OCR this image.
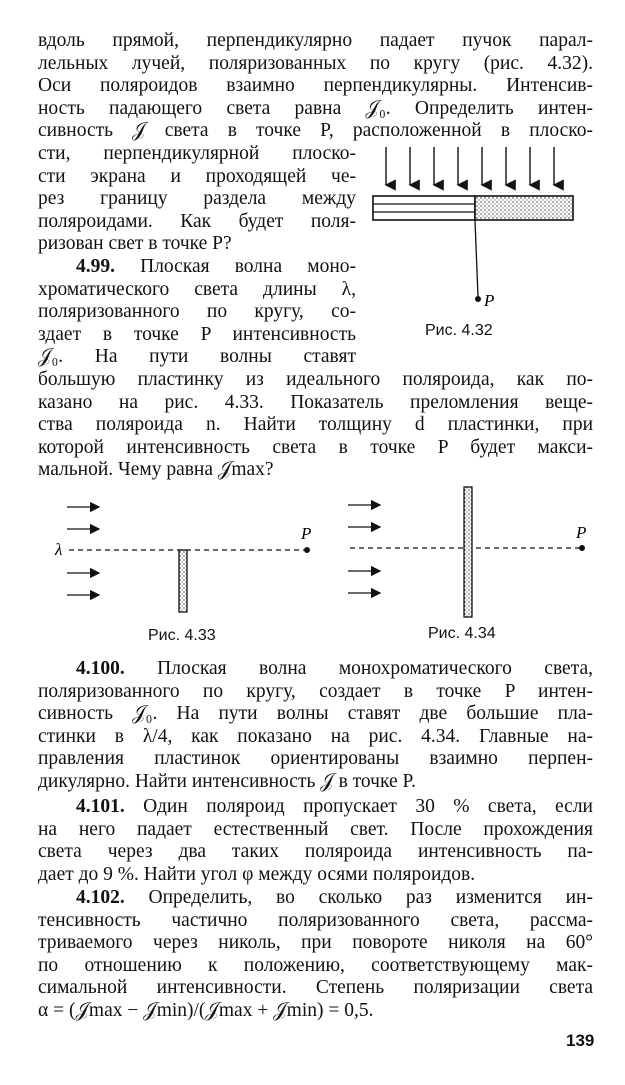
вдоль прямой, перпендикулярно падает пучок парал-
лельных лучей, поляризованных по кругу (рис. 4.32).
Оси поляроидов взаимно перпендикулярны. Интенсив-
ность падающего света равна 𝒥₀. Определить интен-
сивность 𝒥 света в точке P, расположенной в плоско-
сти, перпендикулярной плоско-
сти экрана и проходящей че-
рез границу раздела между
поляроидами. Как будет поля-
ризован свет в точке P?
4.99. Плоская волна моно-
хроматического света длины λ,
поляризованного по кругу, со-
здает в точке P интенсивность
𝒥₀. На пути волны ставят
большую пластинку из идеального поляроида, как по-
казано на рис. 4.33. Показатель преломления веще-
ства поляроида n. Найти толщину d пластинки, при
которой интенсивность света в точке P будет макси-
мальной. Чему равна 𝒥max?
P
Рис. 4.32
λ
P
Рис. 4.33
P
Рис. 4.34
4.100. Плоская волна монохроматического света,
поляризованного по кругу, создает в точке P интен-
сивность 𝒥₀. На пути волны ставят две большие пла-
стинки в λ/4, как показано на рис. 4.34. Главные на-
правления пластинок ориентированы взаимно перпен-
дикулярно. Найти интенсивность 𝒥 в точке P.
4.101. Один поляроид пропускает 30 % света, если
на него падает естественный свет. После прохождения
света через два таких поляроида интенсивность па-
дает до 9 %. Найти угол φ между осями поляроидов.
4.102. Определить, во сколько раз изменится ин-
тенсивность частично поляризованного света, рассма-
триваемого через николь, при повороте николя на 60°
по отношению к положению, соответствующему мак-
симальной интенсивности. Степень поляризации света
α = (𝒥max − 𝒥min)/(𝒥max + 𝒥min) = 0,5.
139
